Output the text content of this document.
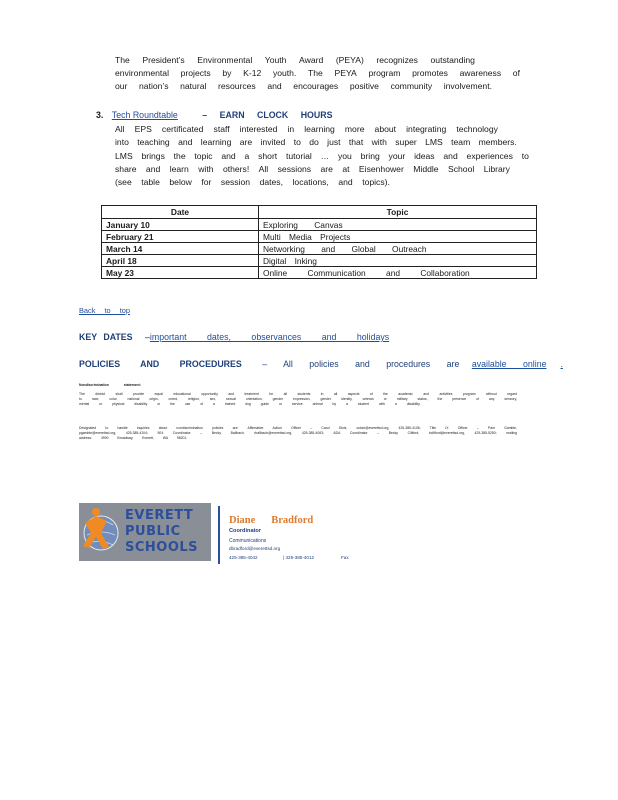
The President’s Environmental Youth Award (PEYA) recognizes outstanding
environmental projects by K-12 youth. The PEYA program promotes awareness of
our nation’s natural resources and encourages positive community involvement.
3. Tech Roundtable	– EARN CLOCK HOURS
All EPS certificated staff interested in learning more about integrating technology
into teaching and learning are invited to do just that with super LMS team members.
LMS brings the topic and a short tutorial … you bring your ideas and experiences to
share and learn with others! All sessions are at Eisenhower Middle School Library
(see table below for session dates, locations, and topics).
Date	Topic
January 10	Exploring Canvas
February 21	Multi Media Projects
March 14	Networking and Global Outreach
April 18	Digital Inking
May 23	Online Communication and Collaboration
Back to top
KEY DATES –important dates, observances and holidays
POLICIES AND PROCEDURES – All policies and procedures are available online .
Nondiscrimination statement:
The district shall provide equal educational opportunity and treatment for all students in all aspects of the academic and activities program without regard to race, color, national origin, creed, religion, sex, sexual orientation, gender expression, gender identity, veteran or military status, the presence of any sensory, mental or physical disability or the use of a trained dog guide or service animal by a student with a disability.
Designated to handle inquiries about nondiscrimination policies are: Affirmative Action Officer – Carol Stolz, cstolz@everettsd.org, 425-385-4106; Title IX Officer – Pam Gamble, pgamble@everettsd.org, 425-385-4104; 504 Coordinator – Becky Ballbach, rballbach@everettsd.org, 425-385-4063; ADA Coordinator – Becky Clifford, bclifford@everettsd.org, 425-385-5250; mailing address: 3900 Broadway, Everett, WA 98201.
EVERETT
PUBLIC
SCHOOLS
Diane Bradford
Coordinator
Communications
dbradford@everettsd.org
425-385-4042	| 425-385-4012	Fax
